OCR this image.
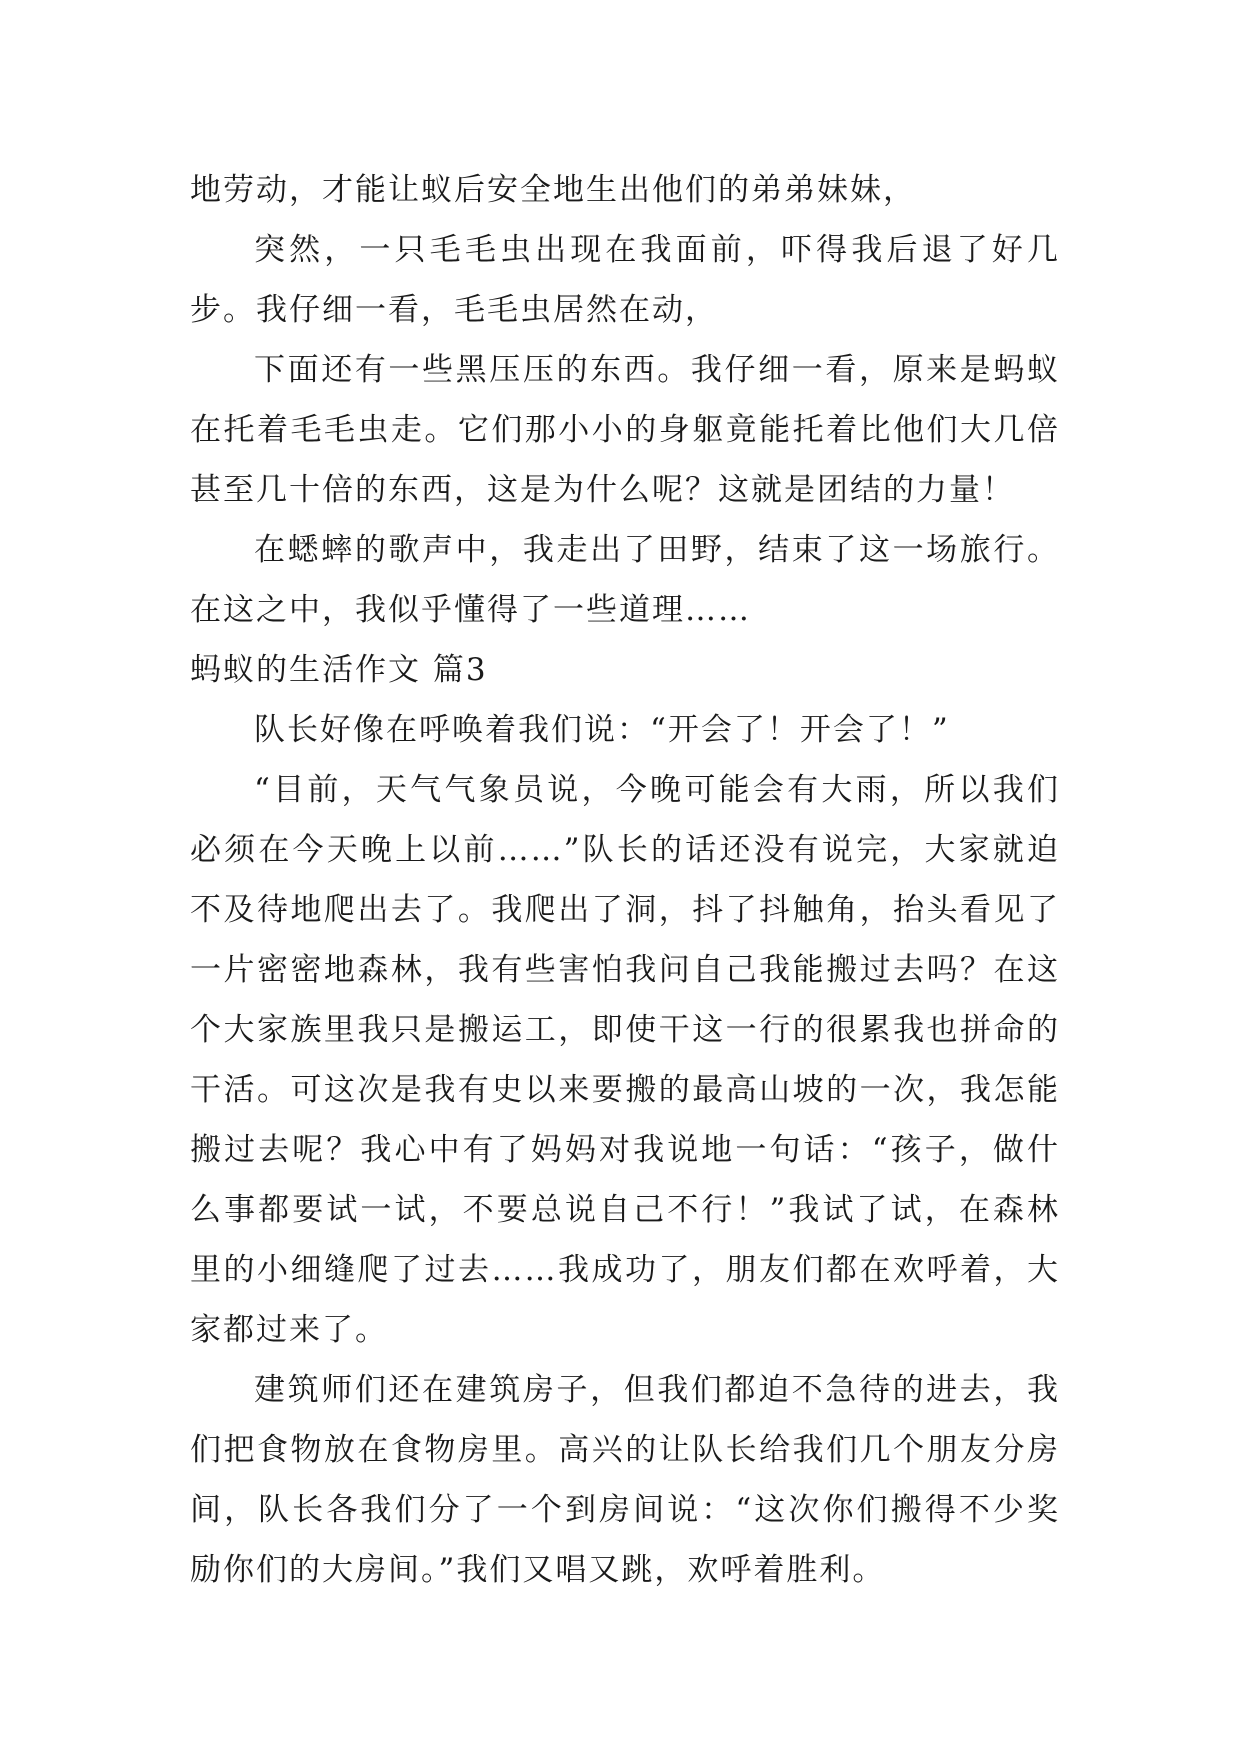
地劳动，才能让蚁后安全地生出他们的弟弟妹妹，

突然，一只毛毛虫出现在我面前，吓得我后退了好几步。我仔细一看，毛毛虫居然在动，

下面还有一些黑压压的东西。我仔细一看，原来是蚂蚁在托着毛毛虫走。它们那小小的身躯竟能托着比他们大几倍甚至几十倍的东西，这是为什么呢？这就是团结的力量！

在蟋蟀的歌声中，我走出了田野，结束了这一场旅行。在这之中，我似乎懂得了一些道理……

蚂蚁的生活作文 篇3

队长好像在呼唤着我们说：“开会了！开会了！”

“目前，天气气象员说，今晚可能会有大雨，所以我们必须在今天晚上以前……”队长的话还没有说完，大家就迫不及待地爬出去了。我爬出了洞，抖了抖触角，抬头看见了一片密密地森林，我有些害怕我问自己我能搬过去吗？在这个大家族里我只是搬运工，即使干这一行的很累我也拼命的干活。可这次是我有史以来要搬的最高山坡的一次，我怎能搬过去呢？我心中有了妈妈对我说地一句话：“孩子，做什么事都要试一试，不要总说自己不行！”我试了试，在森林里的小细缝爬了过去……我成功了，朋友们都在欢呼着，大家都过来了。

建筑师们还在建筑房子，但我们都迫不急待的进去，我们把食物放在食物房里。高兴的让队长给我们几个朋友分房间，队长各我们分了一个到房间说：“这次你们搬得不少奖励你们的大房间。”我们又唱又跳，欢呼着胜利。
